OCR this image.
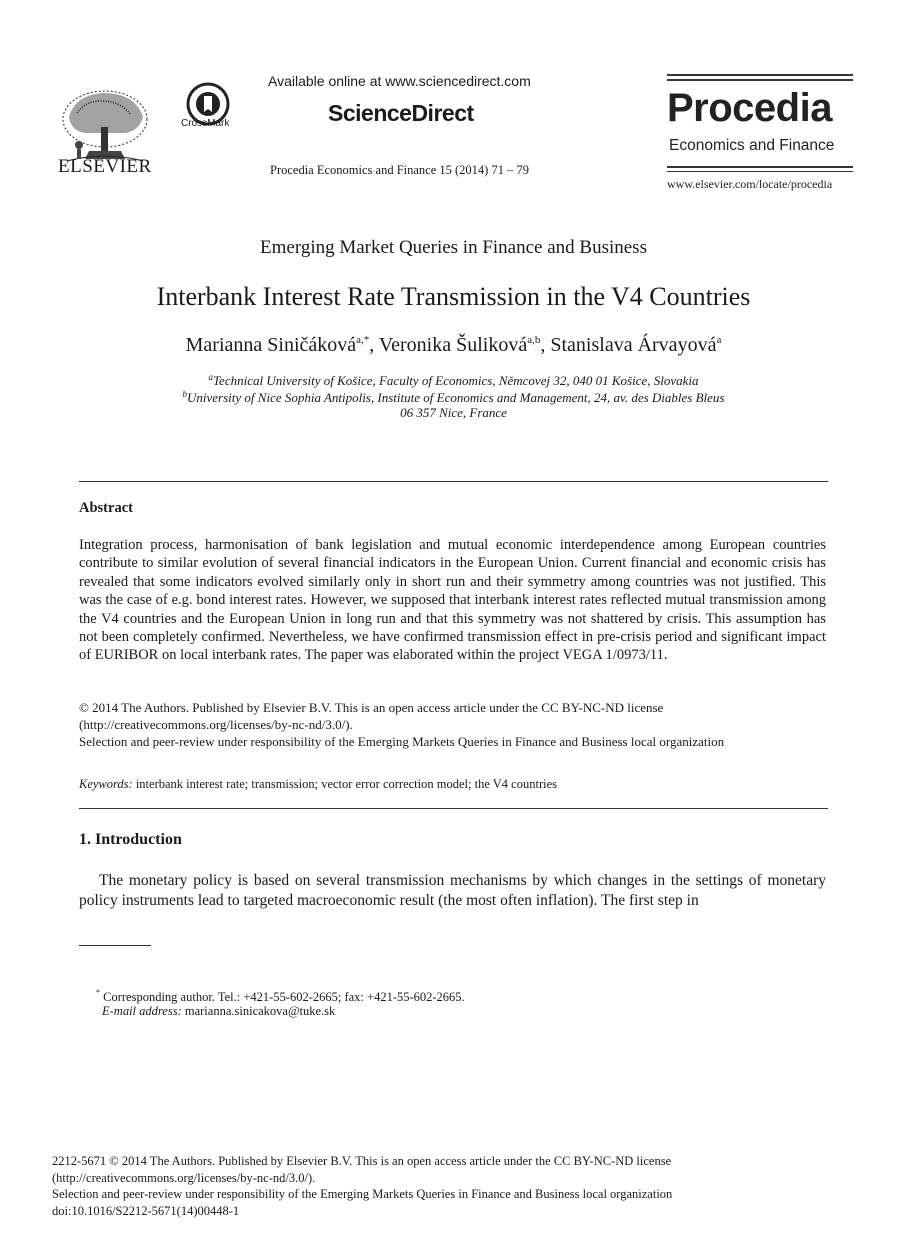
ELSEVIER
CrossMark
Available online at www.sciencedirect.com
ScienceDirect
Procedia Economics and Finance 15 (2014) 71 – 79
Procedia
Economics and Finance
www.elsevier.com/locate/procedia
Emerging Market Queries in Finance and Business
Interbank Interest Rate Transmission in the V4 Countries
Marianna Siničáková$^{a,*}$, Veronika Šuliková$^{a,b}$, Stanislava Árvayová$^a$
$^a$Technical University of Košice, Faculty of Economics, Němcovej 32, 040 01 Košice, Slovakia
$^b$University of Nice Sophia Antipolis, Institute of Economics and Management, 24, av. des Diables Bleus
06 357 Nice, France
Abstract
Integration process, harmonisation of bank legislation and mutual economic interdependence among European countries contribute to similar evolution of several financial indicators in the European Union. Current financial and economic crisis has revealed that some indicators evolved similarly only in short run and their symmetry among countries was not justified. This was the case of e.g. bond interest rates. However, we supposed that interbank interest rates reflected mutual transmission among the V4 countries and the European Union in long run and that this symmetry was not shattered by crisis. This assumption has not been completely confirmed. Nevertheless, we have confirmed transmission effect in pre-crisis period and significant impact of EURIBOR on local interbank rates. The paper was elaborated within the project VEGA 1/0973/11.
© 2014 The Authors. Published by Elsevier B.V. This is an open access article under the CC BY-NC-ND license
(http://creativecommons.org/licenses/by-nc-nd/3.0/).
Selection and peer-review under responsibility of the Emerging Markets Queries in Finance and Business local organization
Keywords: interbank interest rate; transmission; vector error correction model; the V4 countries
1. Introduction
The monetary policy is based on several transmission mechanisms by which changes in the settings of monetary policy instruments lead to targeted macroeconomic result (the most often inflation). The first step in
* Corresponding author. Tel.: +421-55-602-2665; fax: +421-55-602-2665.
E-mail address: marianna.sinicakova@tuke.sk
2212-5671 © 2014 The Authors. Published by Elsevier B.V. This is an open access article under the CC BY-NC-ND license
(http://creativecommons.org/licenses/by-nc-nd/3.0/).
Selection and peer-review under responsibility of the Emerging Markets Queries in Finance and Business local organization
doi:10.1016/S2212-5671(14)00448-1
